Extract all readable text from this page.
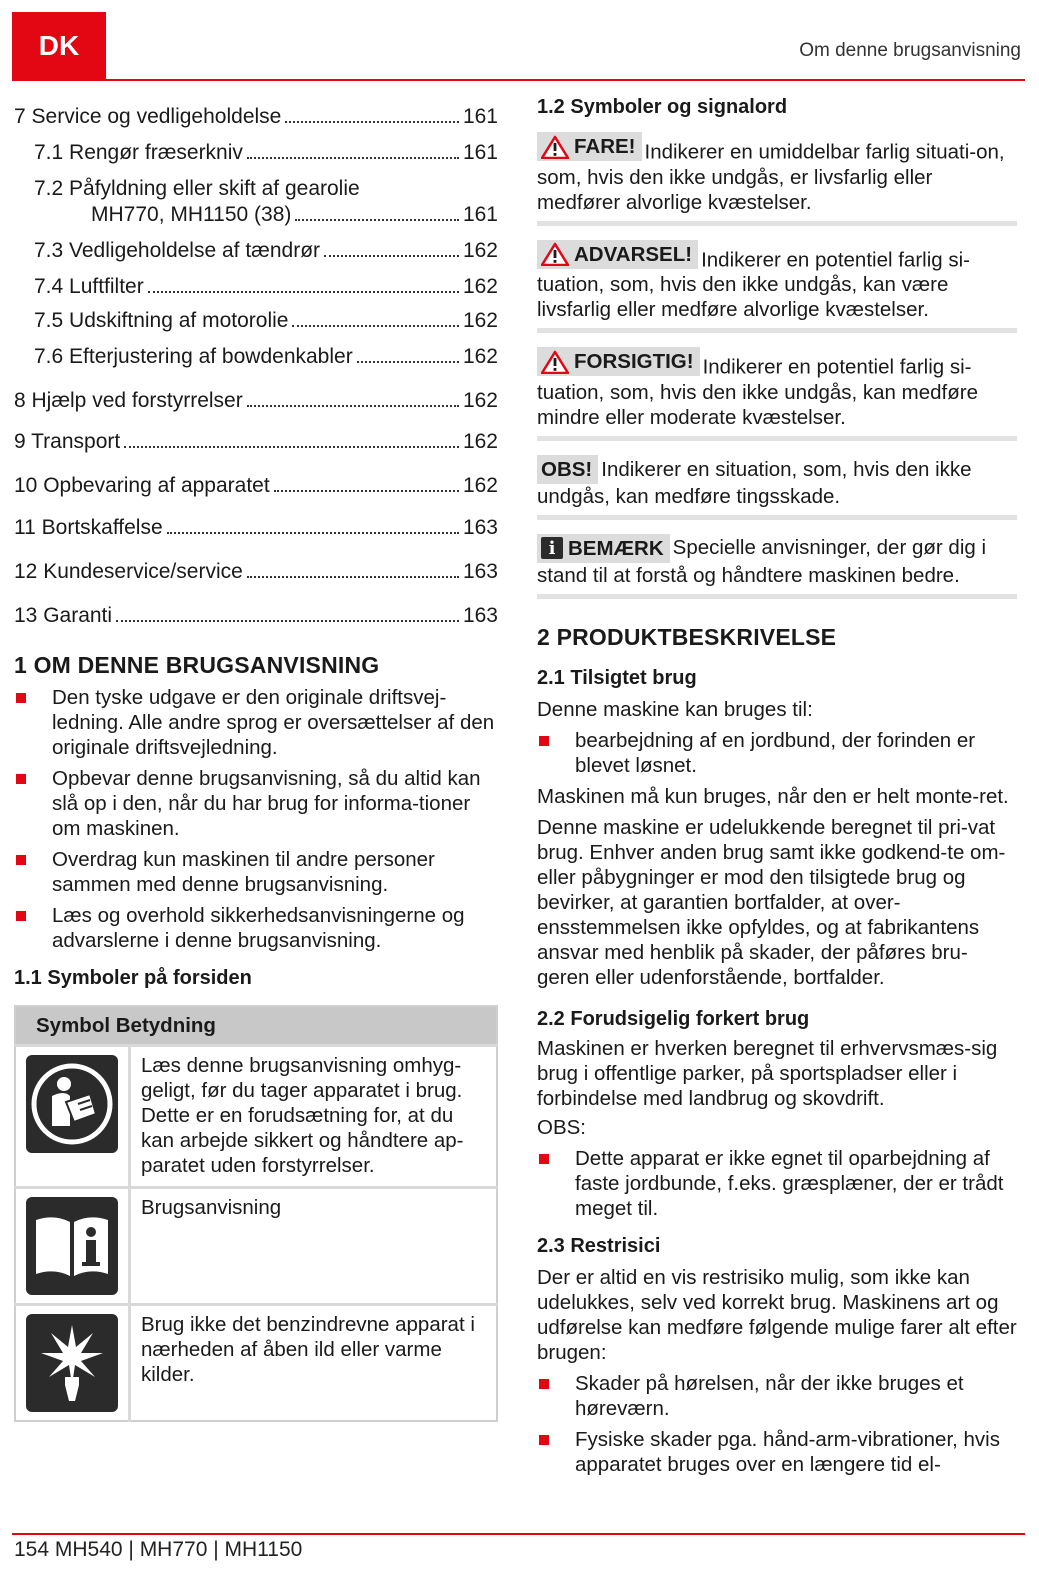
DK	Om denne brugsanvisning
7 Service og vedligeholdelse	161
7.1 Rengør fræserkniv	161
7.2 Påfyldning eller skift af gearolie
MH770, MH1150 (38)	161
7.3 Vedligeholdelse af tændrør	162
7.4 Luftfilter	162
7.5 Udskiftning af motorolie	162
7.6 Efterjustering af bowdenkabler	162
8 Hjælp ved forstyrrelser	162
9 Transport	162
10 Opbevaring af apparatet	162
11 Bortskaffelse	163
12 Kundeservice/service	163
13 Garanti	163
1 OM DENNE BRUGSANVISNING
Den tyske udgave er den originale driftsvej-ledning. Alle andre sprog er oversættelser af den originale driftsvejledning.
Opbevar denne brugsanvisning, så du altid kan slå op i den, når du har brug for informa-tioner om maskinen.
Overdrag kun maskinen til andre personer sammen med denne brugsanvisning.
Læs og overhold sikkerhedsanvisningerne og advarslerne i denne brugsanvisning.
1.1 Symboler på forsiden
Symbol Betydning	

	Læs denne brugsanvisning omhyg-geligt, før du tager apparatet i brug. Dette er en forudsætning for, at du kan arbejde sikkert og håndtere ap-paratet uden forstyrrelser.

	Brugsanvisning

	Brug ikke det benzindrevne apparat i nærheden af åben ild eller varme kilder.
1.2 Symboler og signalord

FARE! Indikerer en umiddelbar farlig situati-on, som, hvis den ikke undgås, er livsfarlig eller medfører alvorlige kvæstelser.

ADVARSEL! Indikerer en potentiel farlig si-tuation, som, hvis den ikke undgås, kan være livsfarlig eller medføre alvorlige kvæstelser.

FORSIGTIG! Indikerer en potentiel farlig si-tuation, som, hvis den ikke undgås, kan medføre mindre eller moderate kvæstelser.

OBS! Indikerer en situation, som, hvis den ikke undgås, kan medføre tingsskade.

i BEMÆRK Specielle anvisninger, der gør dig i stand til at forstå og håndtere maskinen bedre.

2 PRODUKTBESKRIVELSE
2.1 Tilsigtet brug

Denne maskine kan bruges til:

bearbejdning af en jordbund, der forinden er blevet løsnet.

Maskinen må kun bruges, når den er helt monte-ret.

Denne maskine er udelukkende beregnet til pri-vat brug. Enhver anden brug samt ikke godkend-te om- eller påbygninger er mod den tilsigtede brug og bevirker, at garantien bortfalder, at over-ensstemmelsen ikke opfyldes, og at fabrikantens ansvar med henblik på skader, der påføres bru-geren eller udenforstående, bortfalder.

2.2 Forudsigelig forkert brug

Maskinen er hverken beregnet til erhvervsmæs-sig brug i offentlige parker, på sportspladser eller i forbindelse med landbrug og skovdrift.

OBS:

Dette apparat er ikke egnet til oparbejdning af faste jordbunde, f.eks. græsplæner, der er trådt meget til.
2.3 Restrisici

Der er altid en vis restrisiko mulig, som ikke kan udelukkes, selv ved korrekt brug. Maskinens art og udførelse kan medføre følgende mulige farer alt efter brugen:

Skader på hørelsen, når der ikke bruges et høreværn.
Fysiske skader pga. hånd-arm-vibrationer, hvis apparatet bruges over en længere tid el-
154 MH540 | MH770 | MH1150
